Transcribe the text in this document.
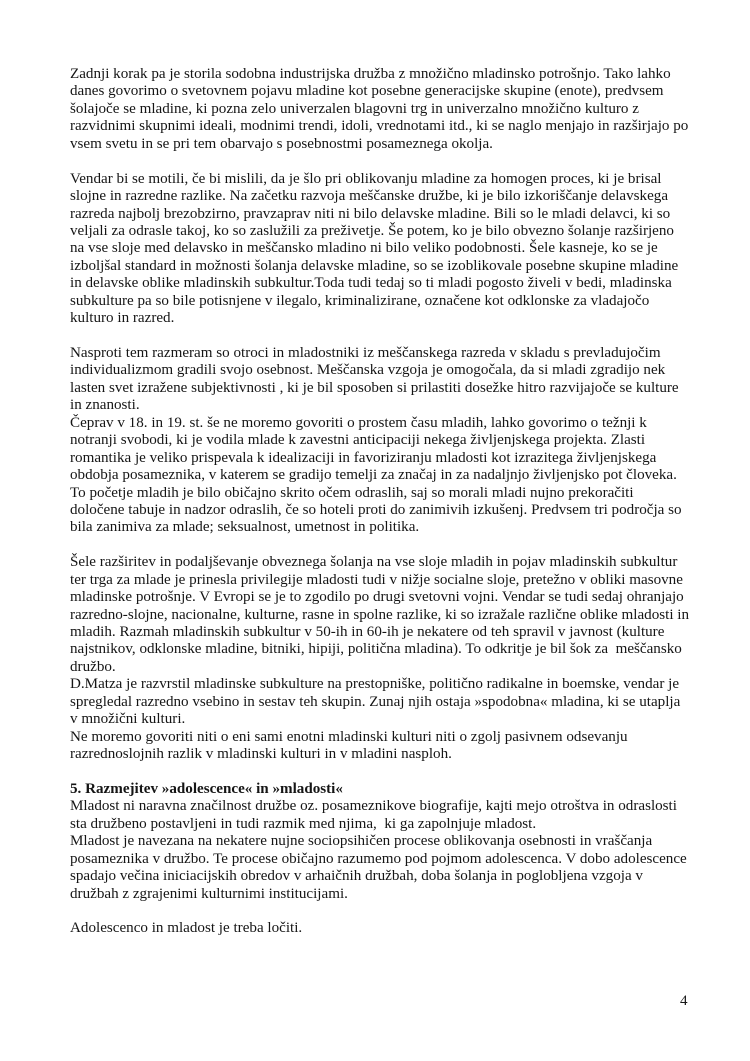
Zadnji korak pa je storila sodobna industrijska družba z množično mladinsko potrošnjo. Tako lahko
danes govorimo o svetovnem pojavu mladine kot posebne generacijske skupine (enote), predvsem
šolajoče se mladine, ki pozna zelo univerzalen blagovni trg in univerzalno množično kulturo z
razvidnimi skupnimi ideali, modnimi trendi, idoli, vrednotami itd., ki se naglo menjajo in razširjajo po
vsem svetu in se pri tem obarvajo s posebnostmi posameznega okolja.
Vendar bi se motili, če bi mislili, da je šlo pri oblikovanju mladine za homogen proces, ki je brisal
slojne in razredne razlike. Na začetku razvoja meščanske družbe, ki je bilo izkoriščanje delavskega
razreda najbolj brezobzirno, pravzaprav niti ni bilo delavske mladine. Bili so le mladi delavci, ki so
veljali za odrasle takoj, ko so zaslužili za preživetje. Še potem, ko je bilo obvezno šolanje razširjeno
na vse sloje med delavsko in meščansko mladino ni bilo veliko podobnosti. Šele kasneje, ko se je
izboljšal standard in možnosti šolanja delavske mladine, so se izoblikovale posebne skupine mladine
in delavske oblike mladinskih subkultur.Toda tudi tedaj so ti mladi pogosto živeli v bedi, mladinska
subkulture pa so bile potisnjene v ilegalo, kriminalizirane, označene kot odklonske za vladajočo
kulturo in razred.
Nasproti tem razmeram so otroci in mladostniki iz meščanskega razreda v skladu s prevladujočim
individualizmom gradili svojo osebnost. Meščanska vzgoja je omogočala, da si mladi zgradijo nek
lasten svet izražene subjektivnosti , ki je bil sposoben si prilastiti dosežke hitro razvijajoče se kulture
in znanosti.
Čeprav v 18. in 19. st. še ne moremo govoriti o prostem času mladih, lahko govorimo o težnji k
notranji svobodi, ki je vodila mlade k zavestni anticipaciji nekega življenjskega projekta. Zlasti
romantika je veliko prispevala k idealizaciji in favoriziranju mladosti kot izrazitega življenjskega
obdobja posameznika, v katerem se gradijo temelji za značaj in za nadaljnjo življenjsko pot človeka.
To početje mladih je bilo običajno skrito očem odraslih, saj so morali mladi nujno prekoračiti
določene tabuje in nadzor odraslih, če so hoteli proti do zanimivih izkušenj. Predvsem tri področja so
bila zanimiva za mlade; seksualnost, umetnost in politika.
Šele razširitev in podaljševanje obveznega šolanja na vse sloje mladih in pojav mladinskih subkultur
ter trga za mlade je prinesla privilegije mladosti tudi v nižje socialne sloje, pretežno v obliki masovne
mladinske potrošnje. V Evropi se je to zgodilo po drugi svetovni vojni. Vendar se tudi sedaj ohranjajo
razredno-slojne, nacionalne, kulturne, rasne in spolne razlike, ki so izražale različne oblike mladosti in
mladih. Razmah mladinskih subkultur v 50-ih in 60-ih je nekatere od teh spravil v javnost (kulture
najstnikov, odklonske mladine, bitniki, hipiji, politična mladina). To odkritje je bil šok za  meščansko
družbo.
D.Matza je razvrstil mladinske subkulture na prestopniške, politično radikalne in boemske, vendar je
spregledal razredno vsebino in sestav teh skupin. Zunaj njih ostaja »spodobna« mladina, ki se utaplja
v množični kulturi.
Ne moremo govoriti niti o eni sami enotni mladinski kulturi niti o zgolj pasivnem odsevanju
razrednoslojnih razlik v mladinski kulturi in v mladini nasploh.
5. Razmejitev »adolescence« in »mladosti«
Mladost ni naravna značilnost družbe oz. posameznikove biografije, kajti mejo otroštva in odraslosti
sta družbeno postavljeni in tudi razmik med njima,  ki ga zapolnjuje mladost.
Mladost je navezana na nekatere nujne sociopsihičen procese oblikovanja osebnosti in vraščanja
posameznika v družbo. Te procese običajno razumemo pod pojmom adolescenca. V dobo adolescence
spadajo večina iniciacijskih obredov v arhaičnih družbah, doba šolanja in poglobljena vzgoja v
družbah z zgrajenimi kulturnimi institucijami.
Adolescenco in mladost je treba ločiti.
4
